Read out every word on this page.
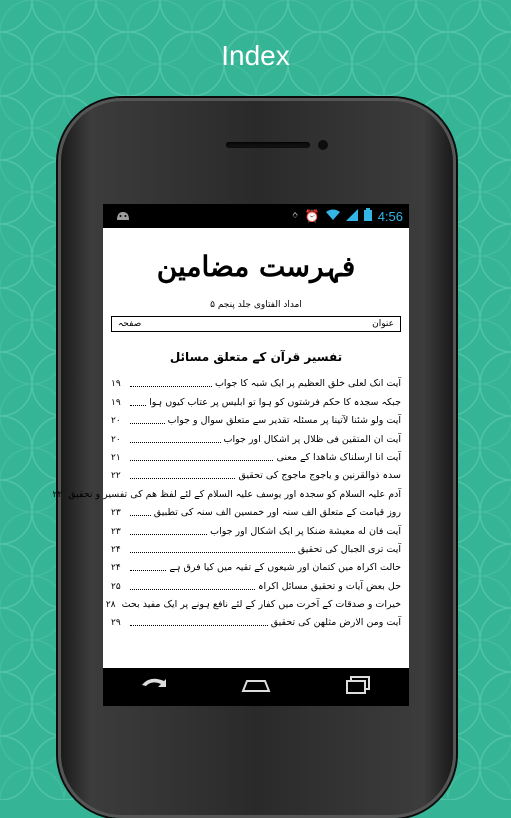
Index
ᛜ ⏰	4:56
فہرست مضامین
امداد الفتاوی جلد پنجم ۵
عنوان
صفحہ
تفسیر قرآن کے متعلق مسائل
آیت انک لعلی خلق العظیم پر ایک شبہ کا جواب
۱۹
جبکہ سجدہ کا حکم فرشتوں کو ہوا تو ابلیس پر عتاب کیوں ہوا
۱۹
آیت ولو شئنا لآتینا پر مسئلہ تقدیر سے متعلق سوال و جواب
۲۰
آیت ان المتقین فی ظلال پر اشکال اور جواب
۲۰
آیت انا ارسلناک شاهدا کے معنی
۲۱
سدہ ذوالقرنین و یاجوج ماجوج کی تحقیق
۲۲
آدم علیہ السلام کو سجدہ اور یوسف علیہ السلام کے لئے لفظ ھم کی تفسیر و تحقیق
۲۲
روز قیامت کے متعلق الف سنہ اور خمسین الف سنہ کی تطبیق
۲۳
آیت فان له معیشة ضنکا پر ایک اشکال اور جواب
۲۳
آیت تری الجبال کی تحقیق
۲۴
حالت اکراہ میں کتمان اور شیعوں کے تقیہ میں کیا فرق ہے
۲۴
حل بعض آیات و تحقیق مسائل اکراہ
۲۵
خیرات و صدقات کے آخرت میں کفار کے لئے نافع ہونے پر ایک مفید بحث
۲۸
آیت ومن الارض مثلھن کی تحقیق
۲۹
